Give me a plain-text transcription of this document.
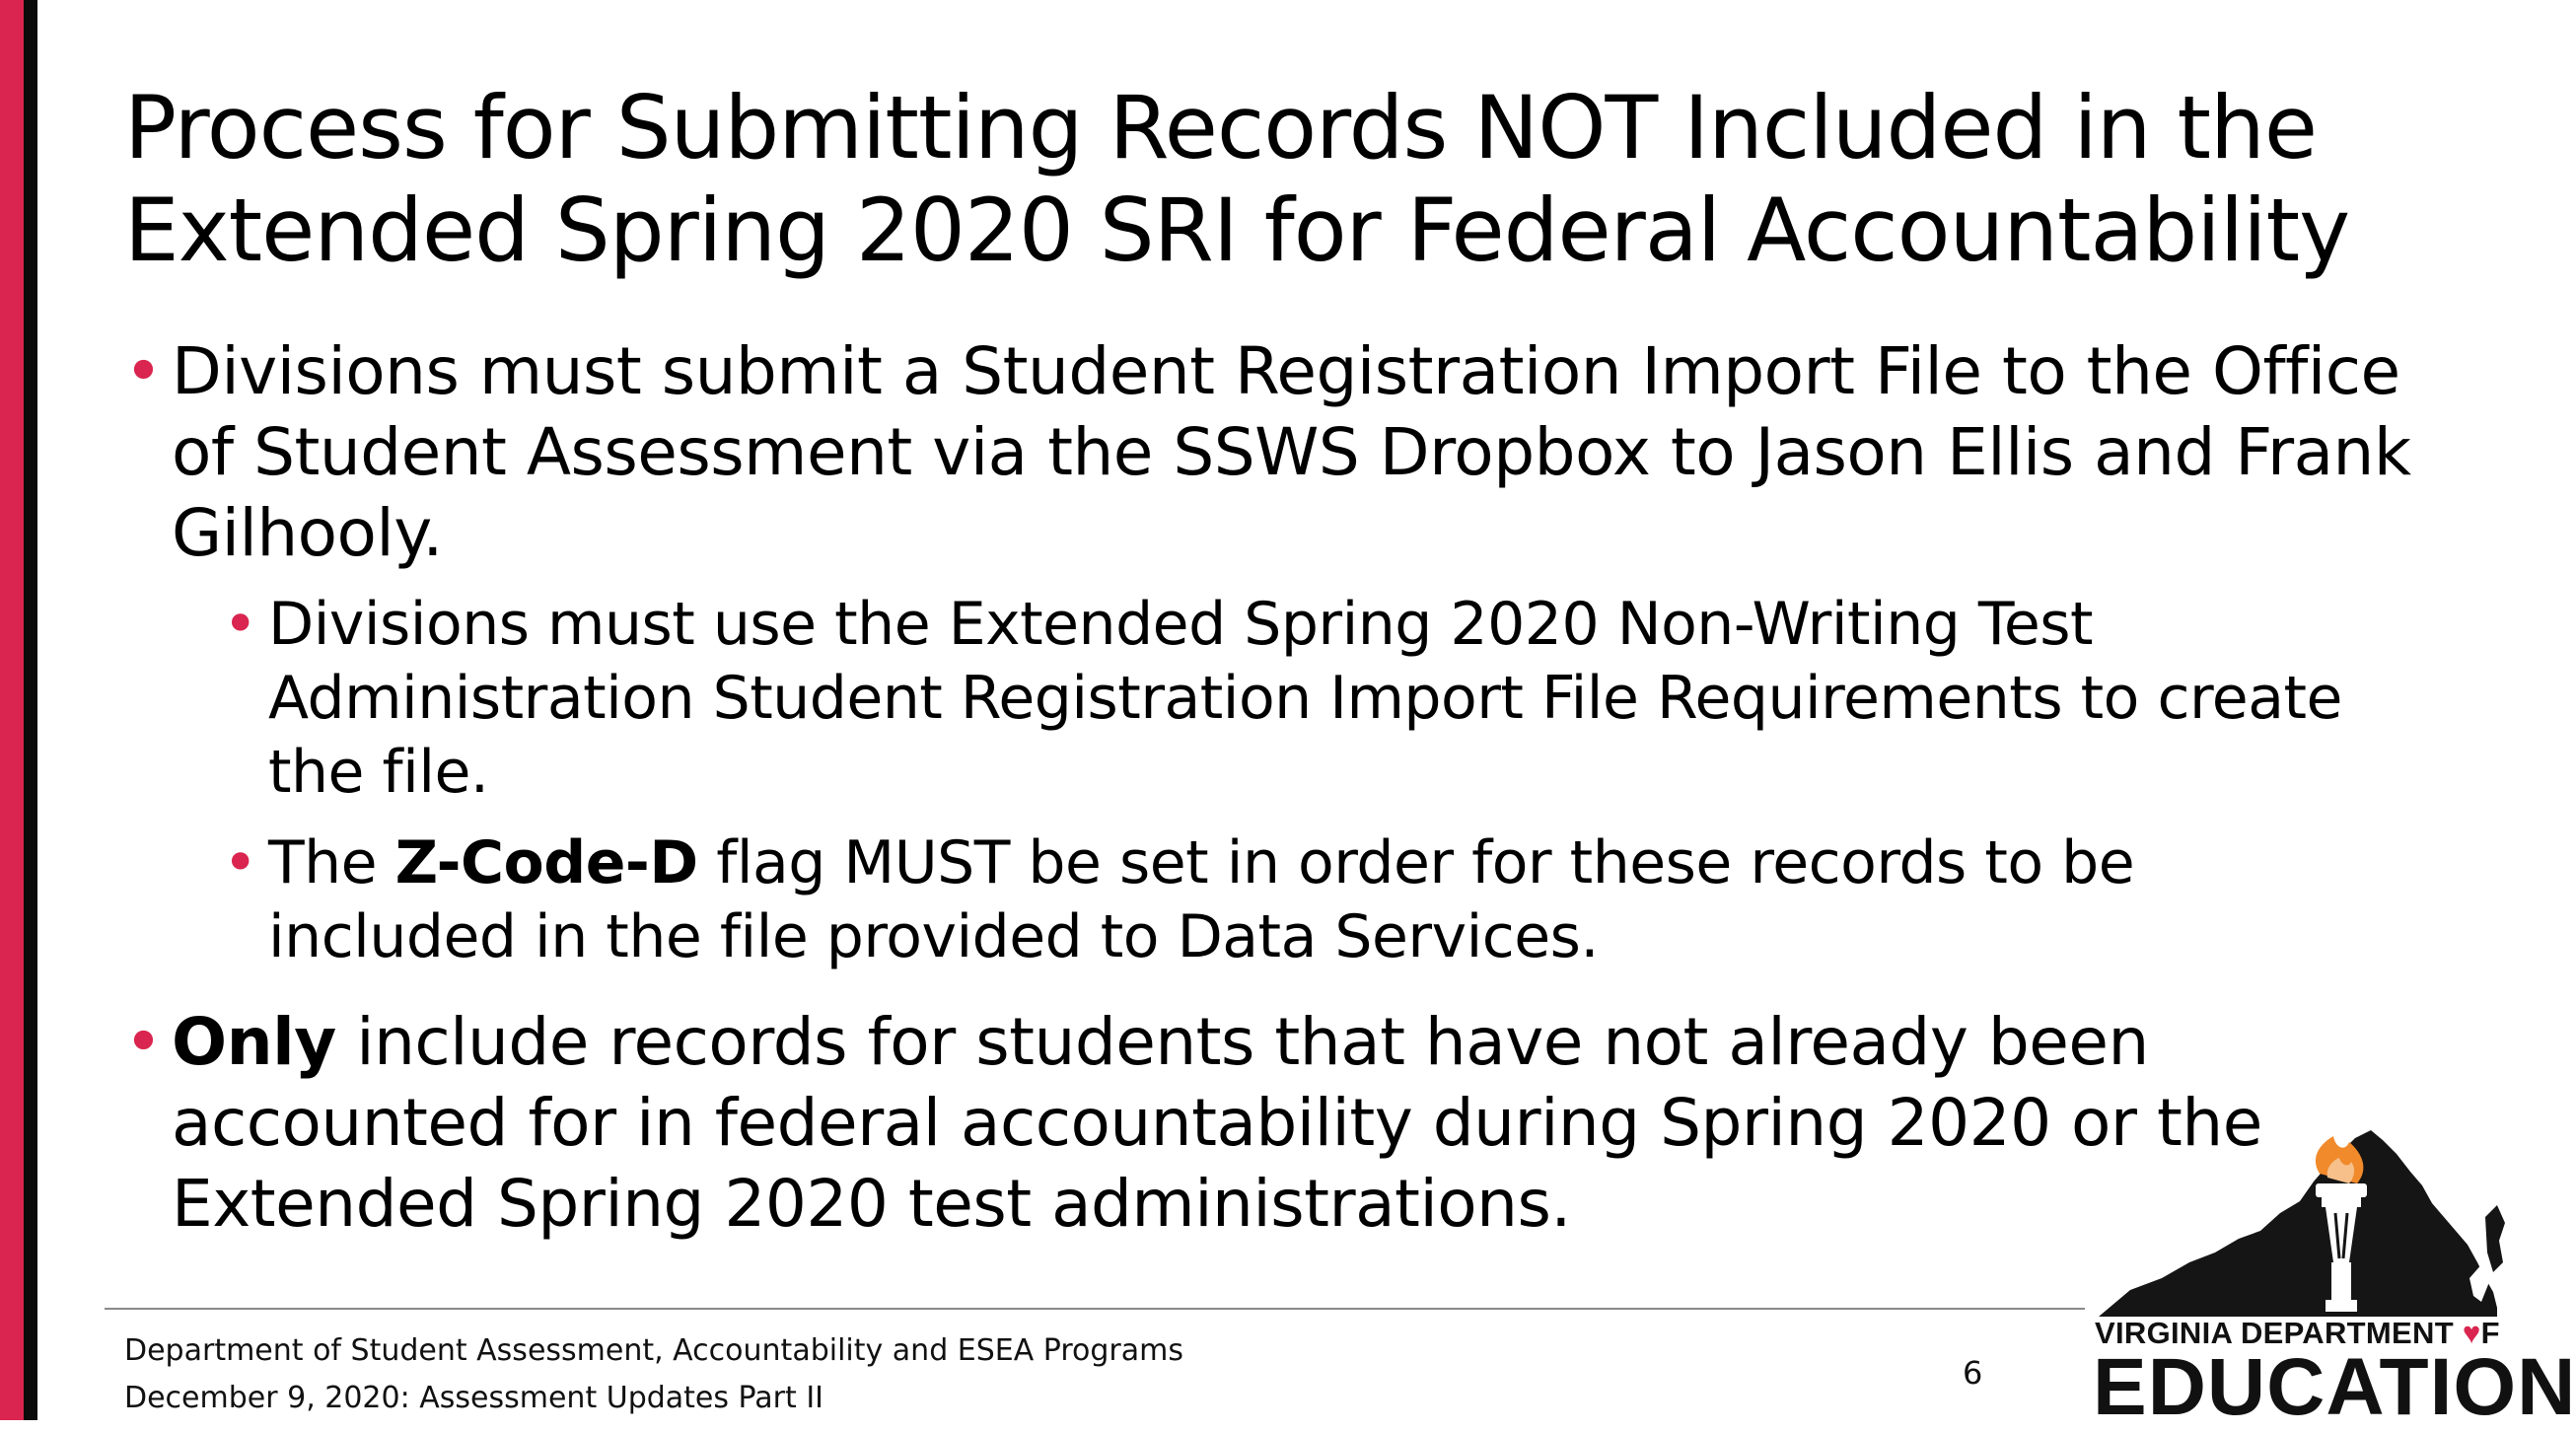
Process for Submitting Records NOT Included in the
Extended Spring 2020 SRI for Federal Accountability
• Divisions must submit a Student Registration Import File to the Office
of Student Assessment via the SSWS Dropbox to Jason Ellis and Frank
Gilhooly.
• Divisions must use the Extended Spring 2020 Non-Writing Test
Administration Student Registration Import File Requirements to create
the file.
• The Z-Code-D flag MUST be set in order for these records to be
included in the file provided to Data Services.
• Only include records for students that have not already been
accounted for in federal accountability during Spring 2020 or the
Extended Spring 2020 test administrations.
Department of Student Assessment, Accountability and ESEA Programs
December 9, 2020: Assessment Updates Part II
6
VIRGINIA DEPARTMENT ♥F
EDUCATION
